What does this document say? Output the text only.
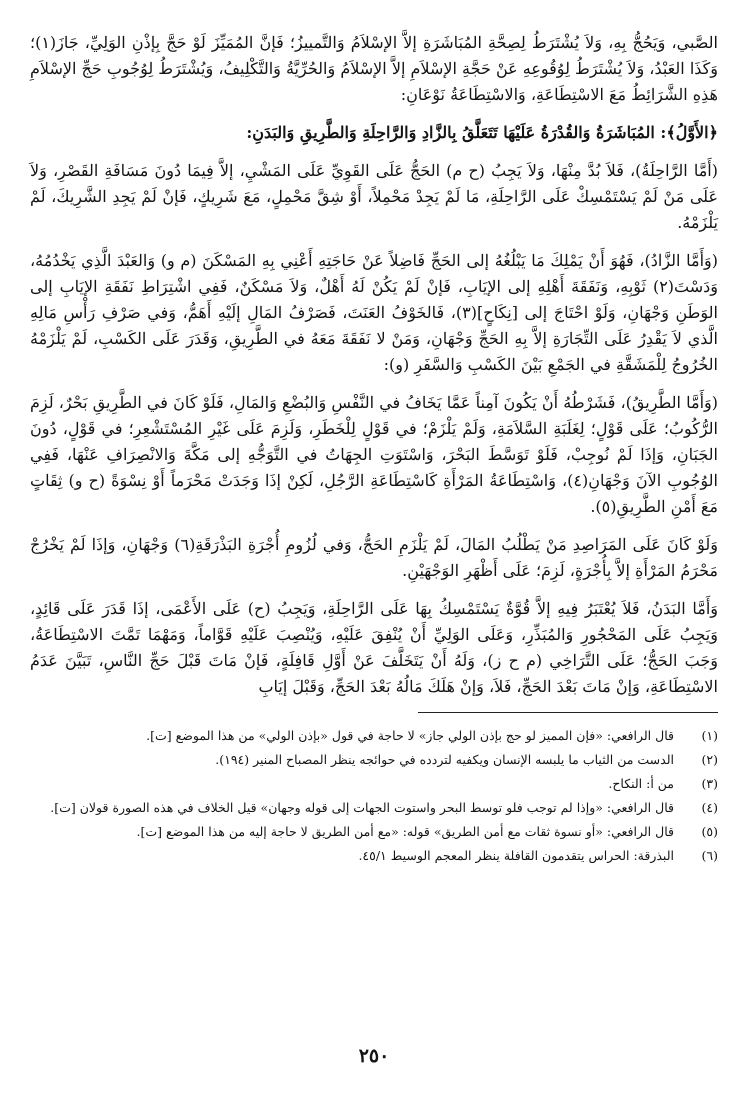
الصَّبي، وَيَحُجُّ بِهِ، وَلاَ يُشْتَرَطُ لِصِحَّةِ المُبَاشَرَةِ إلاَّ الإسْلاَمُ وَالتَّمييزُ؛ فَإنَّ المُمَيِّزَ لَوْ حَجَّ بِإذْنِ الوَلِيِّ، جَازَ(١)؛ وَكَذَا العَبْدُ، وَلاَ يُشْتَرَطُ لِوُقُوعِهِ عَنْ حَجَّةِ الإسْلاَمِ إلاَّ الإسْلاَمُ وَالحُرِّيَّةُ وَالتَّكْلِيفُ، وَيُشْتَرَطُ لِوُجُوبِ حَجِّ الإسْلاَمِ هَذِهِ الشَّرَائِطُ مَعَ الاسْتِطَاعَةِ، وَالاسْتِطَاعَةُ نَوْعَانِ:

﴿الأَوَّلُ﴾: المُبَاشَرَةُ وَالقُدْرَةُ عَلَيْهَا تَتَعَلَّقُ بِالزَّادِ وَالرَّاحِلَةِ وَالطَّرِيقِ وَالبَدَنِ:

(أَمَّا الرَّاحِلَةُ)، فَلاَ بُدَّ مِنْهَا، وَلاَ يَجِبُ (ح م) الحَجُّ عَلَى القَوِيِّ عَلَى المَشْيِ، إلاَّ فِيمَا دُونَ مَسَافَةِ القَصْرِ، وَلاَ عَلَى مَنْ لَمْ يَسْتَمْسِكْ عَلَى الرَّاحِلَةِ، مَا لَمْ يَجِدْ مَحْمِلاً، أَوْ شِقَّ مَحْمِلٍ، مَعَ شَرِيكٍ، فَإنْ لَمْ يَجِدِ الشَّرِيكَ، لَمْ يَلْزَمْهُ.

(وَأَمَّا الزَّادُ)، فَهُوَ أَنْ يَمْلِكَ مَا يَبْلُغُهُ إلى الحَجِّ فَاضِلاً عَنْ حَاجَتِهِ أَعْنِي بِهِ المَسْكَنَ (م و) وَالعَبْدَ الَّذِي يَخْدُمُهُ، وَدَسْتَ(٢) ثَوْبِهِ، وَنَفَقَةَ أَهْلِهِ إلى الإيَابِ، فَإنْ لَمْ يَكُنْ لَهُ أَهْلٌ، وَلاَ مَسْكَنٌ، فَفِي اشْتِرَاطِ نَفَقَةِ الإيَابِ إلى الوَطَنِ وَجْهَانِ، وَلَوْ احْتَاجَ إلى [نِكَاحٍ](٣)، فَالخَوْفُ العَنَتَ، فَصَرْفُ المَالِ إلَيْهِ أَهَمُّ، وَفي صَرْفِ رَأْسِ مَالِهِ الَّذي لاَ يَقْدِرُ عَلَى التِّجَارَةِ إلاَّ بِهِ الحَجِّ وَجْهَانِ، وَمَنْ لا نَفَقَةَ مَعَهُ في الطَّرِيقِ، وَقَدَرَ عَلَى الكَسْبِ، لَمْ يَلْزَمْهُ الخُرُوجُ لِلْمَشَقَّةِ في الجَمْعِ بَيْنَ الكَسْبِ وَالسَّفَرِ (و):

(وَأَمَّا الطَّرِيقُ)، فَشَرْطُهُ أَنْ يَكُونَ آمِناً عَمَّا يَخَافُ في النَّفْسِ وَالبُضْعِ وَالمَالِ، فَلَوْ كَانَ في الطَّرِيقِ بَحْرٌ، لَزِمَ الرُّكُوبُ؛ عَلَى قَوْلٍ؛ لِغَلَبَةِ السَّلاَمَةِ، وَلَمْ يَلْزَمْ؛ في قَوْلٍ لِلْخَطَرِ، وَلَزِمَ عَلَى غَيْرِ المُسْتَشْعِرِ؛ في قَوْلٍ، دُونَ الجَبَانِ، وَإذَا لَمْ نُوجِبْ، فَلَوْ تَوَسَّطَ البَحْرَ، وَاسْتَوَتِ الجِهَاتُ في التَّوَجُّهِ إلى مَكَّةَ وَالانْصِرَافِ عَنْهَا، فَفِي الوُجُوبِ الآنَ وَجْهَانِ(٤)، وَاسْتِطَاعَةُ المَرْأَةِ كَاسْتِطَاعَةِ الرَّجُلِ، لَكِنْ إذَا وَجَدَتْ مَحْرَماً أَوْ نِسْوَةً (ح و) ثِقَاتٍ مَعَ أَمْنِ الطَّرِيقِ(٥).

وَلَوْ كَانَ عَلَى المَرَاصِدِ مَنْ يَطْلُبُ المَالَ، لَمْ يَلْزَمِ الحَجُّ، وَفي لُزُومِ أُجْرَةِ البَذْرَقَةِ(٦) وَجْهَانِ، وَإذَا لَمْ يَخْرُجْ مَحْرَمُ المَرْأَةِ إلاَّ بِأُجْرَةٍ، لَزِمَ؛ عَلَى أَظْهَرِ الوَجْهَيْنِ.

وَأَمَّا البَدَنُ، فَلاَ يُعْتَبَرُ فِيهِ إلاَّ قُوَّةٌ يَسْتَمْسِكُ بِهَا عَلَى الرَّاحِلَةِ، وَيَجِبُ (ح) عَلَى الأَعْمَى، إذَا قَدَرَ عَلَى قَائِدٍ، وَيَجِبُ عَلَى المَحْجُورِ وَالمُبَذِّرِ، وَعَلَى الوَلِيِّ أَنْ يُنْفِقَ عَلَيْهِ، وَيُنْصِبَ عَلَيْهِ قَوَّاماً، وَمَهْمَا تَمَّتَ الاسْتِطَاعَةُ، وَجَبَ الحَجُّ؛ عَلَى التَّرَاخِي (م ح ز)، وَلَهُ أَنْ يَتَخَلَّفَ عَنْ أَوَّلِ قَافِلَةٍ، فَإنْ مَاتَ قَبْلَ حَجِّ النَّاسِ، تَبَيَّنَ عَدَمُ الاسْتِطَاعَةِ، وَإنْ مَاتَ بَعْدَ الحَجِّ، فَلاَ، وَإنْ هَلَكَ مَالُهُ بَعْدَ الحَجِّ، وَقَبْلَ إيَابِ

(١)
قال الرافعي: «فإن المميز لو حج بإذن الولي جاز» لا حاجة في قول «بإذن الولي» من هذا الموضع [ت].
(٢)
الدست من الثياب ما يلبسه الإنسان ويكفيه لتردده في حوائجه ينظر المصباح المنير (١٩٤).
(٣)
من أ: النكاح.
(٤)
قال الرافعي: «وإذا لم توجب فلو توسط البحر واستوت الجهات إلى قوله وجهان» قيل الخلاف في هذه الصورة قولان [ت].
(٥)
قال الرافعي: «أو نسوة ثقات مع أمن الطريق» قوله: «مع أمن الطريق لا حاجة إليه من هذا الموضع [ت].
(٦)
البذرقة: الحراس يتقدمون القافلة ينظر المعجم الوسيط ٤٥/١.
٢٥٠
